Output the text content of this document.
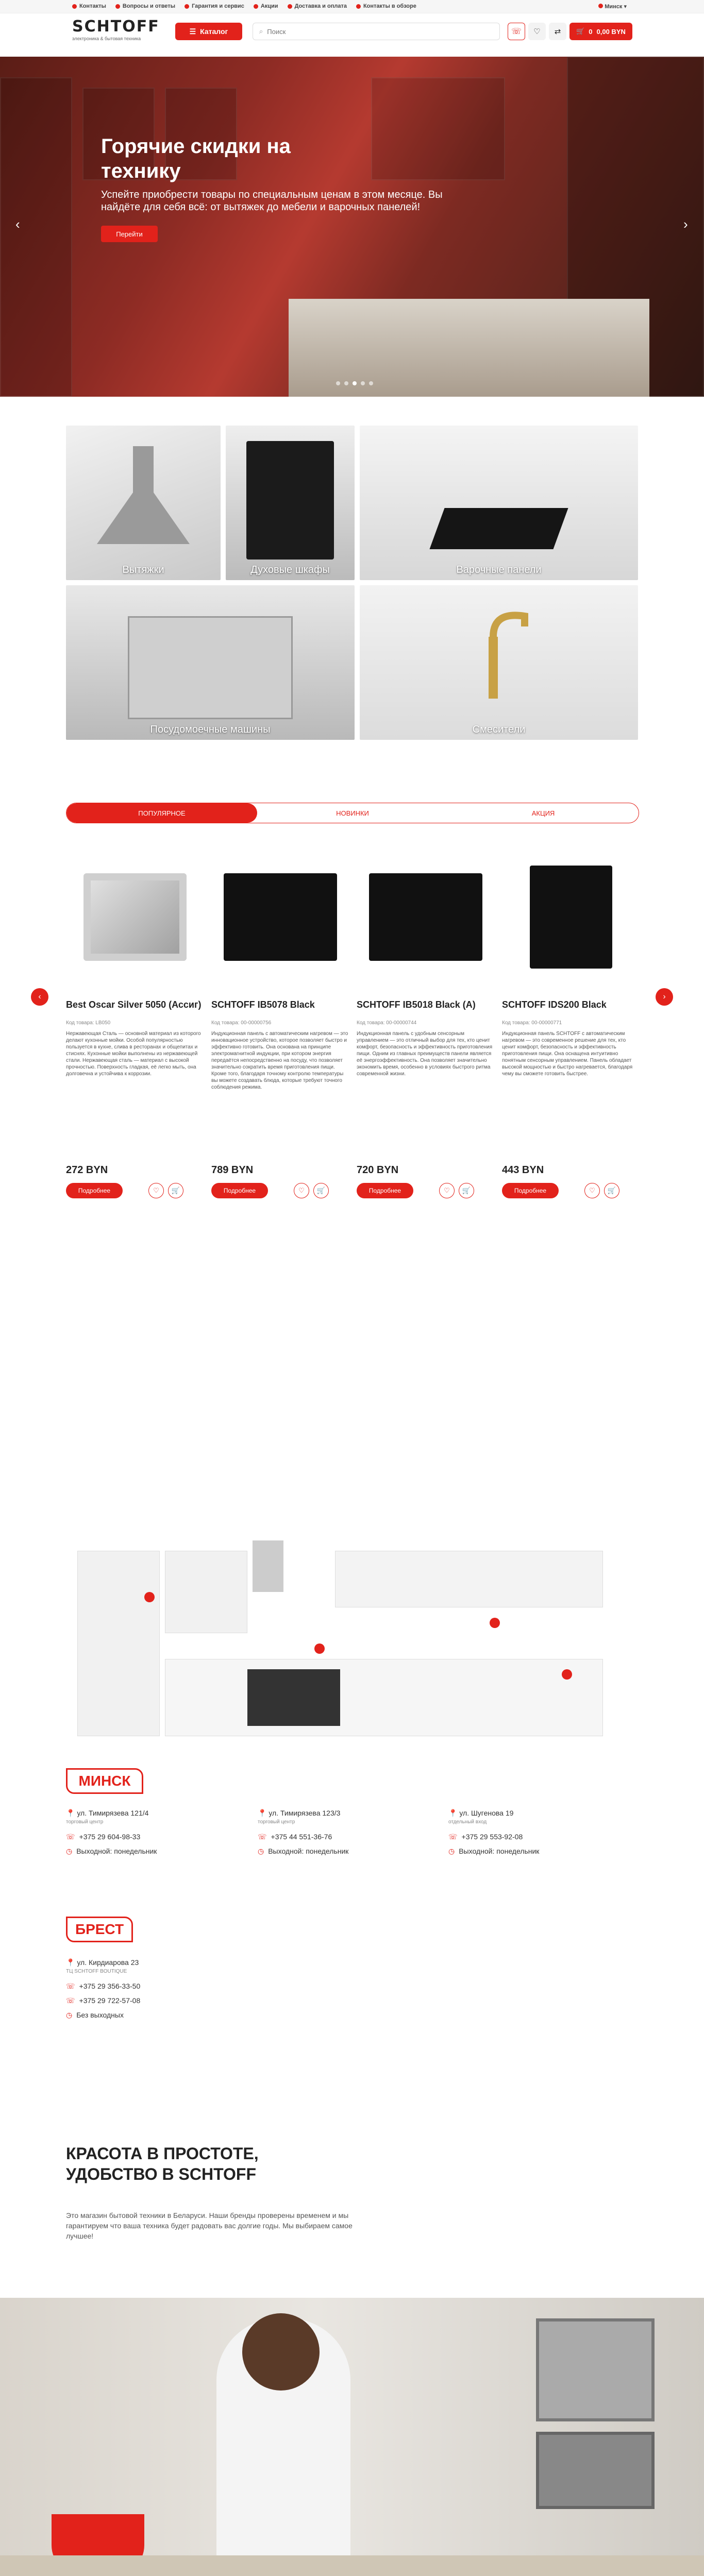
Контакты	Вопросы и ответы	Гарантия и сервис	Акции	Доставка и оплата	Контакты в обзоре	Минск ▾
SCHTOFF
электроника & бытовая техника
☰ Каталог	⌕
Поиск	☏ ♡ ⇄ 🛒 0 0,00 BYN
Горячие скидки на технику
Успейте приобрести товары по специальным ценам в этом месяце. Вы найдёте для себя всё: от вытяжек до мебели и варочных панелей!
Перейти
‹	›
Вытяжки	Духовые шкафы	Варочные панели
Посудомоечные машины	Смесители
ПОПУЛЯРНОЕ	НОВИНКИ	АКЦИЯ
‹	›
Best Oscar Silver 5050 (Ассиг)
Код товара: LB050
Нержавеющая Сталь — основной материал из которого делают кухонные мойки. Особой популярностью пользуется в кухне, слива в ресторанах и общепитах и стиснях. Кухонные мойки выполнены из нержавеющей стали. Нержавеющая сталь — материал с высокой прочностью. Поверхность гладкая, её легко мыть, она долговечна и устойчива к коррозии.
272 BYN
Подробнее	♡ 🛒
SCHTOFF IB5078 Black
Код товара: 00-00000756
Индукционная панель с автоматическим нагревом — это инновационное устройство, которое позволяет быстро и эффективно готовить. Она основана на принципе электромагнитной индукции, при котором энергия передаётся непосредственно на посуду, что позволяет значительно сократить время приготовления пищи. Кроме того, благодаря точному контролю температуры вы можете создавать блюда, которые требуют точного соблюдения режима.
789 BYN
Подробнее	♡ 🛒
SCHTOFF IB5018 Black (A)
Код товара: 00-00000744
Индукционная панель с удобным сенсорным управлением — это отличный выбор для тех, кто ценит комфорт, безопасность и эффективность приготовления пищи. Одним из главных преимуществ панели является её энергоэффективность. Она позволяет значительно экономить время, особенно в условиях быстрого ритма современной жизни.
720 BYN
Подробнее	♡ 🛒
SCHTOFF IDS200 Black
Код товара: 00-00000771
Индукционная панель SCHTOFF с автоматическим нагревом — это современное решение для тех, кто ценит комфорт, безопасность и эффективность приготовления пищи. Она оснащена интуитивно понятным сенсорным управлением. Панель обладает высокой мощностью и быстро нагревается, благодаря чему вы сможете готовить быстрее.
443 BYN
Подробнее	♡ 🛒
МИНСК
📍 ул. Тимирязева 121/4
торговый центр
☏ +375 29 604-98-33
◷ Выходной: понедельник
📍 ул. Тимирязева 123/3
торговый центр
☏ +375 44 551-36-76
◷ Выходной: понедельник
📍 ул. Шугенова 19
отдельный вход
☏ +375 29 553-92-08
◷ Выходной: понедельник
БРЕСТ
📍 ул. Кирдиарова 23
ТЦ SCHTOFF BOUTIQUE
☏ +375 29 356-33-50
☏ +375 29 722-57-08
◷ Без выходных
КРАСОТА В ПРОСТОТЕ, УДОБСТВО В SCHTOFF
Это магазин бытовой техники в Беларуси. Наши бренды проверены временем и мы гарантируем что ваша техника будет радовать вас долгие годы. Мы выбираем самое лучшее!
